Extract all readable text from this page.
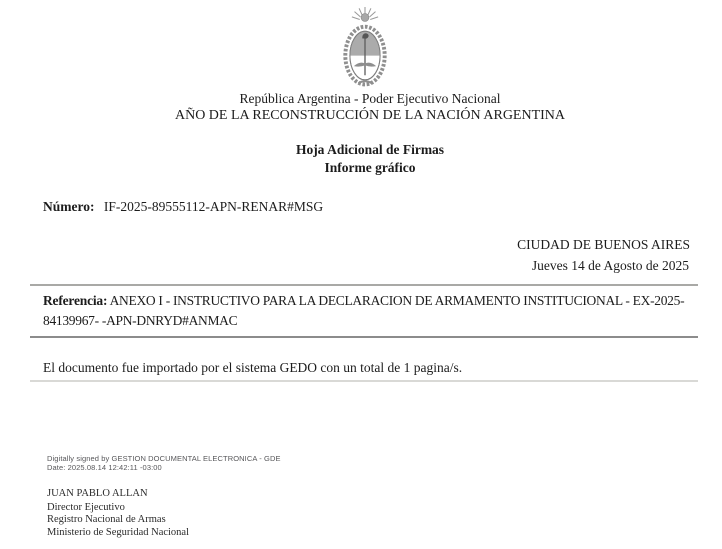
República Argentina - Poder Ejecutivo Nacional
AÑO DE LA RECONSTRUCCIÓN DE LA NACIÓN ARGENTINA
Hoja Adicional de Firmas
Informe gráfico
Número: IF-2025-89555112-APN-RENAR#MSG
CIUDAD DE BUENOS AIRES
Jueves 14 de Agosto de 2025
Referencia: ANEXO I - INSTRUCTIVO PARA LA DECLARACION DE ARMAMENTO INSTITUCIONAL - EX-2025-84139967- -APN-DNRYD#ANMAC
El documento fue importado por el sistema GEDO con un total de 1 pagina/s.
Digitally signed by GESTION DOCUMENTAL ELECTRONICA - GDE
Date: 2025.08.14 12:42:11 -03:00
JUAN PABLO ALLAN
Director Ejecutivo
Registro Nacional de Armas
Ministerio de Seguridad Nacional
